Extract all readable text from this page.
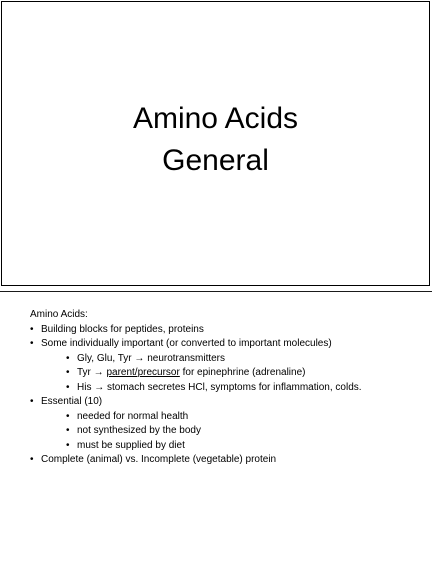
Amino Acids
General

Amino Acids:

• Building blocks for peptides, proteins
• Some individually important (or converted to important molecules)
• Gly, Glu, Tyr → neurotransmitters
• Tyr → parent/precursor for epinephrine (adrenaline)
• His → stomach secretes HCl, symptoms for inflammation, colds.
• Essential (10)
• needed for normal health
• not synthesized by the body
• must be supplied by diet
• Complete (animal) vs. Incomplete (vegetable) protein
